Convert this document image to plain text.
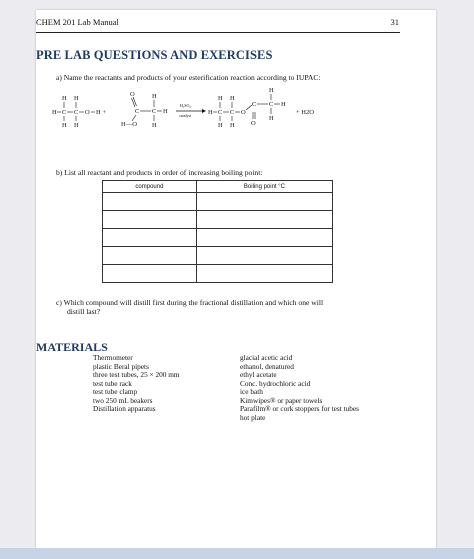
CHEM 201 Lab Manual	31
PRE LAB QUESTIONS AND EXERCISES
a) Name the reactants and products of your esterification reaction according to IUPAC:
H H
H C C O H +
H H
O
C C H
H
H
H—O
H₂SO₄
catalyst
H H
H C C O
H H
C
O
C H
H
H
+ H2O
b) List all reactant and products in order of increasing boiling point:
compound	Boiling point °C

c) Which compound will distill first during the fractional distillation and which one will
distill last?
MATERIALS
Thermometer
plastic Beral pipets
three test tubes, 25 × 200 mm
test tube rack
test tube clamp
two 250 mL beakers
Distillation apparatus
glacial acetic acid
ethanol, denatured
ethyl acetate
Conc. hydrochloric acid
ice bath
Kimwipes® or paper towels
Parafilm® or cork stoppers for test tubes
hot plate
